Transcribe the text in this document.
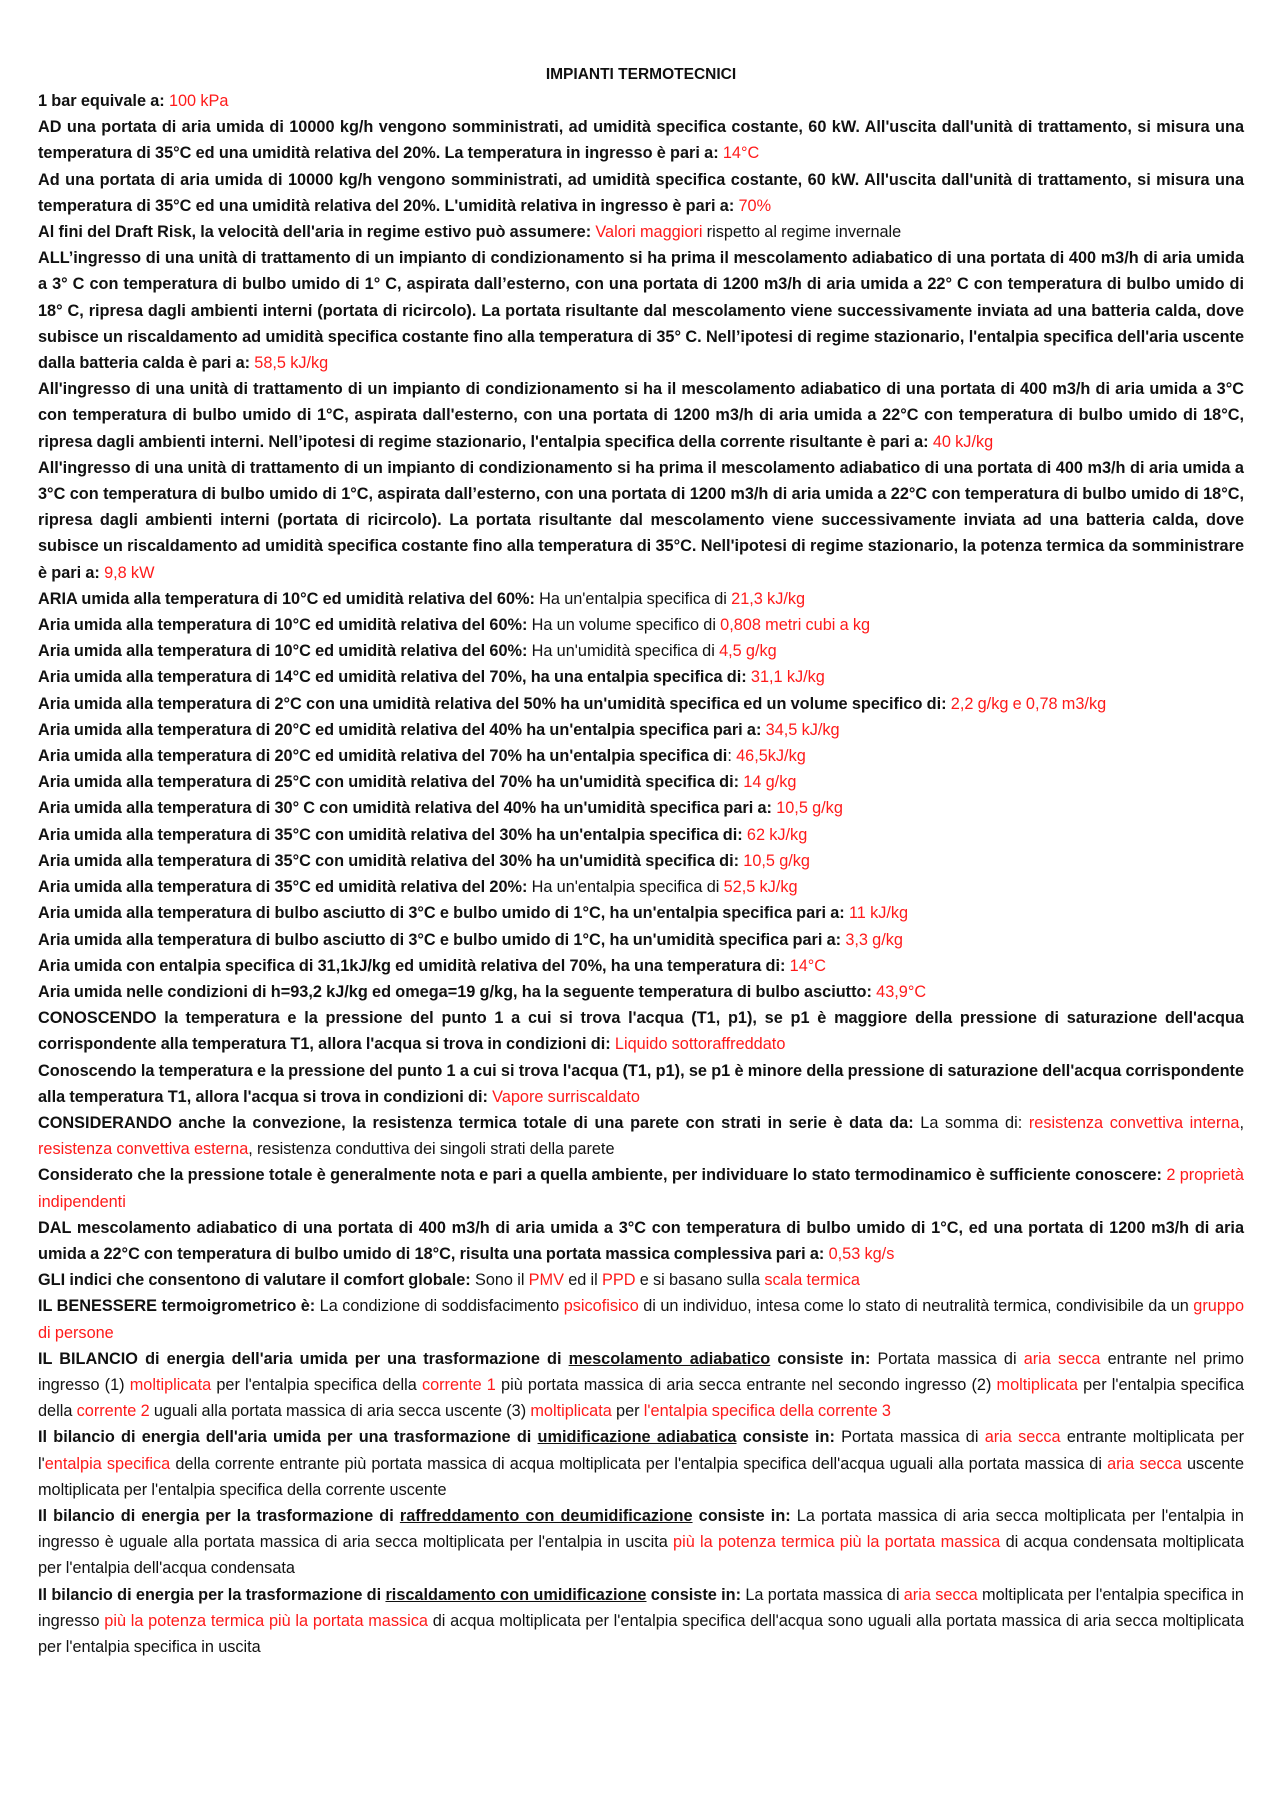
IMPIANTI TERMOTECNICI
1 bar equivale a: 100 kPa
AD una portata di aria umida di 10000 kg/h vengono somministrati, ad umidità specifica costante, 60 kW. All'uscita dall'unità di trattamento, si misura una temperatura di 35°C ed una umidità relativa del 20%. La temperatura in ingresso è pari a: 14°C
Ad una portata di aria umida di 10000 kg/h vengono somministrati, ad umidità specifica costante, 60 kW. All'uscita dall'unità di trattamento, si misura una temperatura di 35°C ed una umidità relativa del 20%. L'umidità relativa in ingresso è pari a: 70%
Al fini del Draft Risk, la velocità dell'aria in regime estivo può assumere: Valori maggiori rispetto al regime invernale
ALL’ingresso di una unità di trattamento di un impianto di condizionamento si ha prima il mescolamento adiabatico di una portata di 400 m3/h di aria umida a 3° C con temperatura di bulbo umido di 1° C, aspirata dall’esterno, con una portata di 1200 m3/h di aria umida a 22° C con temperatura di bulbo umido di 18° C, ripresa dagli ambienti interni (portata di ricircolo). La portata risultante dal mescolamento viene successivamente inviata ad una batteria calda, dove subisce un riscaldamento ad umidità specifica costante fino alla temperatura di 35° C. Nell’ipotesi di regime stazionario, l'entalpia specifica dell'aria uscente dalla batteria calda è pari a: 58,5 kJ/kg
All'ingresso di una unità di trattamento di un impianto di condizionamento si ha il mescolamento adiabatico di una portata di 400 m3/h di aria umida a 3°C con temperatura di bulbo umido di 1°C, aspirata dall'esterno, con una portata di 1200 m3/h di aria umida a 22°C con temperatura di bulbo umido di 18°C, ripresa dagli ambienti interni. Nell’ipotesi di regime stazionario, l'entalpia specifica della corrente risultante è pari a: 40 kJ/kg
All'ingresso di una unità di trattamento di un impianto di condizionamento si ha prima il mescolamento adiabatico di una portata di 400 m3/h di aria umida a 3°C con temperatura di bulbo umido di 1°C, aspirata dall’esterno, con una portata di 1200 m3/h di aria umida a 22°C con temperatura di bulbo umido di 18°C, ripresa dagli ambienti interni (portata di ricircolo). La portata risultante dal mescolamento viene successivamente inviata ad una batteria calda, dove subisce un riscaldamento ad umidità specifica costante fino alla temperatura di 35°C. Nell'ipotesi di regime stazionario, la potenza termica da somministrare è pari a: 9,8 kW
ARIA umida alla temperatura di 10°C ed umidità relativa del 60%: Ha un'entalpia specifica di 21,3 kJ/kg
Aria umida alla temperatura di 10°C ed umidità relativa del 60%: Ha un volume specifico di 0,808 metri cubi a kg
Aria umida alla temperatura di 10°C ed umidità relativa del 60%: Ha un'umidità specifica di 4,5 g/kg
Aria umida alla temperatura di 14°C ed umidità relativa del 70%, ha una entalpia specifica di: 31,1 kJ/kg
Aria umida alla temperatura di 2°C con una umidità relativa del 50% ha un'umidità specifica ed un volume specifico di: 2,2 g/kg e 0,78 m3/kg
Aria umida alla temperatura di 20°C ed umidità relativa del 40% ha un'entalpia specifica pari a: 34,5 kJ/kg
Aria umida alla temperatura di 20°C ed umidità relativa del 70% ha un'entalpia specifica di: 46,5kJ/kg
Aria umida alla temperatura di 25°C con umidità relativa del 70% ha un'umidità specifica di: 14 g/kg
Aria umida alla temperatura di 30° C con umidità relativa del 40% ha un'umidità specifica pari a: 10,5 g/kg
Aria umida alla temperatura di 35°C con umidità relativa del 30% ha un'entalpia specifica di: 62 kJ/kg
Aria umida alla temperatura di 35°C con umidità relativa del 30% ha un'umidità specifica di: 10,5 g/kg
Aria umida alla temperatura di 35°C ed umidità relativa del 20%: Ha un'entalpia specifica di 52,5 kJ/kg
Aria umida alla temperatura di bulbo asciutto di 3°C e bulbo umido di 1°C, ha un'entalpia specifica pari a: 11 kJ/kg
Aria umida alla temperatura di bulbo asciutto di 3°C e bulbo umido di 1°C, ha un'umidità specifica pari a: 3,3 g/kg
Aria umida con entalpia specifica di 31,1kJ/kg ed umidità relativa del 70%, ha una temperatura di: 14°C
Aria umida nelle condizioni di h=93,2 kJ/kg ed omega=19 g/kg, ha la seguente temperatura di bulbo asciutto: 43,9°C
CONOSCENDO la temperatura e la pressione del punto 1 a cui si trova l'acqua (T1, p1), se p1 è maggiore della pressione di saturazione dell'acqua corrispondente alla temperatura T1, allora l'acqua si trova in condizioni di: Liquido sottoraffreddato
Conoscendo la temperatura e la pressione del punto 1 a cui si trova l'acqua (T1, p1), se p1 è minore della pressione di saturazione dell'acqua corrispondente alla temperatura T1, allora l'acqua si trova in condizioni di: Vapore surriscaldato
CONSIDERANDO anche la convezione, la resistenza termica totale di una parete con strati in serie è data da: La somma di: resistenza convettiva interna, resistenza convettiva esterna, resistenza conduttiva dei singoli strati della parete
Considerato che la pressione totale è generalmente nota e pari a quella ambiente, per individuare lo stato termodinamico è sufficiente conoscere: 2 proprietà indipendenti
DAL mescolamento adiabatico di una portata di 400 m3/h di aria umida a 3°C con temperatura di bulbo umido di 1°C, ed una portata di 1200 m3/h di aria umida a 22°C con temperatura di bulbo umido di 18°C, risulta una portata massica complessiva pari a: 0,53 kg/s
GLI indici che consentono di valutare il comfort globale: Sono il PMV ed il PPD e si basano sulla scala termica
IL BENESSERE termoigrometrico è: La condizione di soddisfacimento psicofisico di un individuo, intesa come lo stato di neutralità termica, condivisibile da un gruppo di persone
IL BILANCIO di energia dell'aria umida per una trasformazione di mescolamento adiabatico consiste in: Portata massica di aria secca entrante nel primo ingresso (1) moltiplicata per l'entalpia specifica della corrente 1 più portata massica di aria secca entrante nel secondo ingresso (2) moltiplicata per l'entalpia specifica della corrente 2 uguali alla portata massica di aria secca uscente (3) moltiplicata per l'entalpia specifica della corrente 3
Il bilancio di energia dell'aria umida per una trasformazione di umidificazione adiabatica consiste in: Portata massica di aria secca entrante moltiplicata per l'entalpia specifica della corrente entrante più portata massica di acqua moltiplicata per l'entalpia specifica dell'acqua uguali alla portata massica di aria secca uscente moltiplicata per l'entalpia specifica della corrente uscente
Il bilancio di energia per la trasformazione di raffreddamento con deumidificazione consiste in: La portata massica di aria secca moltiplicata per l'entalpia in ingresso è uguale alla portata massica di aria secca moltiplicata per l'entalpia in uscita più la potenza termica più la portata massica di acqua condensata moltiplicata per l'entalpia dell'acqua condensata
Il bilancio di energia per la trasformazione di riscaldamento con umidificazione consiste in: La portata massica di aria secca moltiplicata per l'entalpia specifica in ingresso più la potenza termica più la portata massica di acqua moltiplicata per l'entalpia specifica dell'acqua sono uguali alla portata massica di aria secca moltiplicata per l'entalpia specifica in uscita
